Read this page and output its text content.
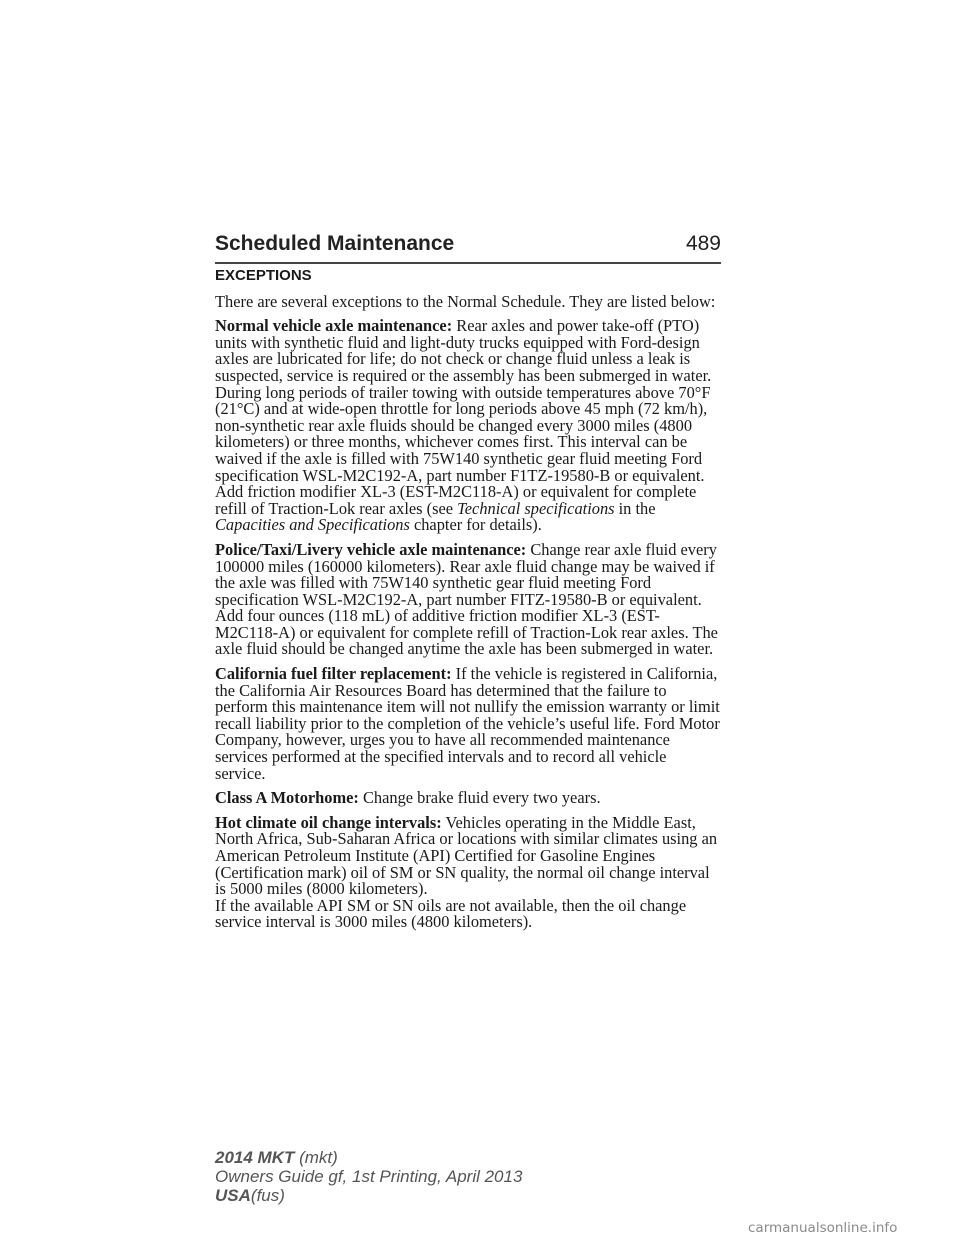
Scheduled Maintenance	489
EXCEPTIONS

There are several exceptions to the Normal Schedule. They are listed below:

Normal vehicle axle maintenance: Rear axles and power take-off (PTO) units with synthetic fluid and light-duty trucks equipped with Ford-design axles are lubricated for life; do not check or change fluid unless a leak is suspected, service is required or the assembly has been submerged in water. During long periods of trailer towing with outside temperatures above 70°F (21°C) and at wide-open throttle for long periods above 45 mph (72 km/h), non-synthetic rear axle fluids should be changed every 3000 miles (4800 kilometers) or three months, whichever comes first. This interval can be waived if the axle is filled with 75W140 synthetic gear fluid meeting Ford specification WSL-M2C192-A, part number F1TZ-19580-B or equivalent. Add friction modifier XL-3 (EST-M2C118-A) or equivalent for complete refill of Traction-Lok rear axles (see Technical specifications in the Capacities and Specifications chapter for details).

Police/Taxi/Livery vehicle axle maintenance: Change rear axle fluid every 100000 miles (160000 kilometers). Rear axle fluid change may be waived if the axle was filled with 75W140 synthetic gear fluid meeting Ford specification WSL-M2C192-A, part number FITZ-19580-B or equivalent. Add four ounces (118 mL) of additive friction modifier XL-3 (EST-M2C118-A) or equivalent for complete refill of Traction-Lok rear axles. The axle fluid should be changed anytime the axle has been submerged in water.

California fuel filter replacement: If the vehicle is registered in California, the California Air Resources Board has determined that the failure to perform this maintenance item will not nullify the emission warranty or limit recall liability prior to the completion of the vehicle’s useful life. Ford Motor Company, however, urges you to have all recommended maintenance services performed at the specified intervals and to record all vehicle service.

Class A Motorhome: Change brake fluid every two years.

Hot climate oil change intervals: Vehicles operating in the Middle East, North Africa, Sub-Saharan Africa or locations with similar climates using an American Petroleum Institute (API) Certified for Gasoline Engines (Certification mark) oil of SM or SN quality, the normal oil change interval is 5000 miles (8000 kilometers).

If the available API SM or SN oils are not available, then the oil change service interval is 3000 miles (4800 kilometers).

2014 MKT (mkt)
Owners Guide gf, 1st Printing, April 2013
USA(fus)
carmanualsonline.info
